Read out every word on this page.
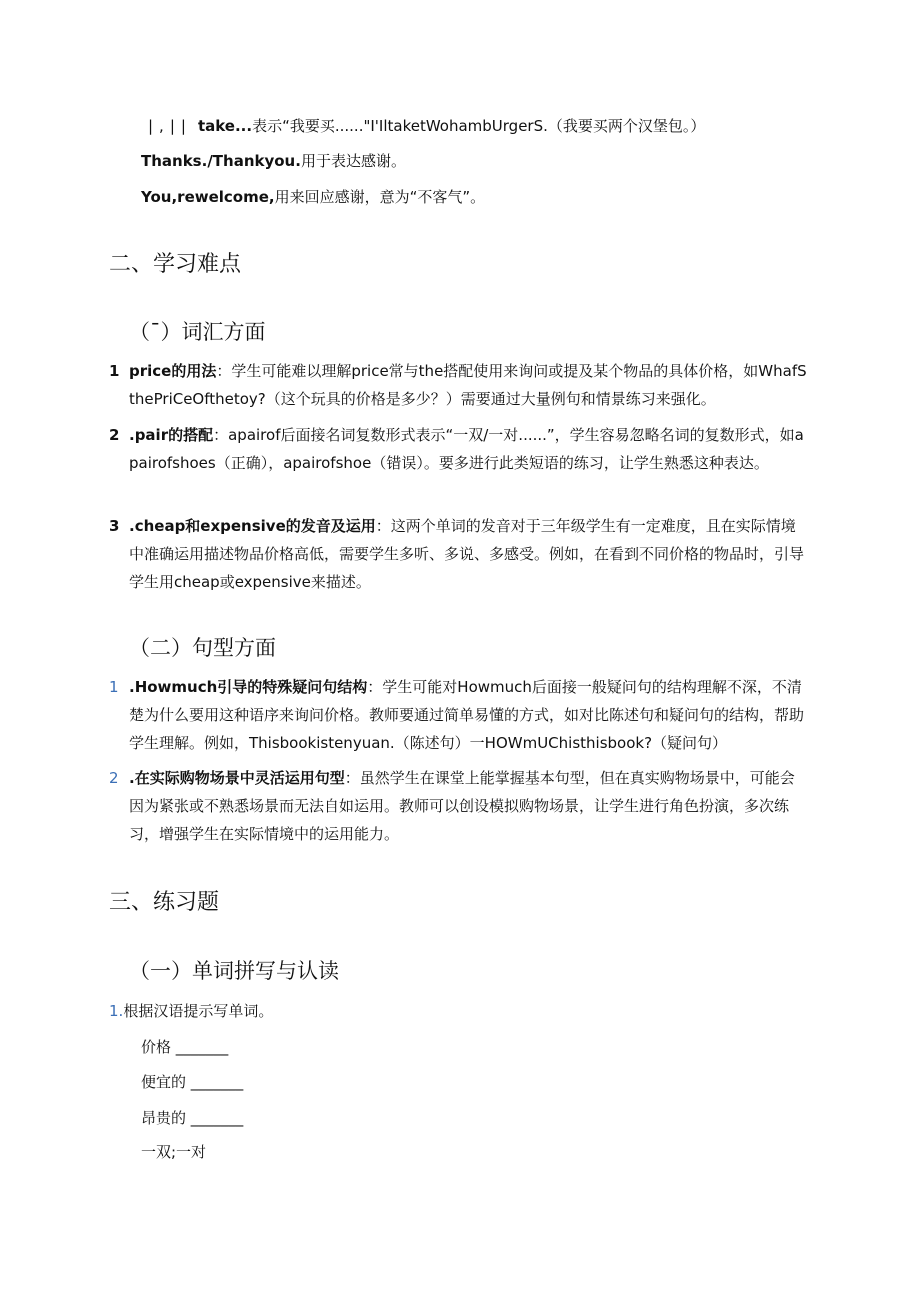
|,|| take...表示“我要买......"I'IltaketWohambUrgerS.（我要买两个汉堡包。）
Thanks./Thankyou.用于表达感谢。
You,rewelcome,用来回应感谢，意为“不客气”。
二、学习难点
（¯）词汇方面
1 price的用法：学生可能难以理解price常与the搭配使用来询问或提及某个物品的具体价格，如WhafSthePriCeOfthetoy?（这个玩具的价格是多少？）需要通过大量例句和情景练习来强化。
2 .pair的搭配：apairof后面接名词复数形式表示“一双/一对......”，学生容易忽略名词的复数形式，如apairofshoes（正确），apairofshoe（错误）。要多进行此类短语的练习，让学生熟悉这种表达。
3 .cheap和expensive的发音及运用：这两个单词的发音对于三年级学生有一定难度，且在实际情境中准确运用描述物品价格高低，需要学生多听、多说、多感受。例如，在看到不同价格的物品时，引导学生用cheap或expensive来描述。
（二）句型方面
1 .Howmuch引导的特殊疑问句结构：学生可能对Howmuch后面接一般疑问句的结构理解不深，不清楚为什么要用这种语序来询问价格。教师要通过简单易懂的方式，如对比陈述句和疑问句的结构，帮助学生理解。例如，Thisbookistenyuan.（陈述句）一HOWmUChisthisbook?（疑问句）
2 .在实际购物场景中灵活运用句型：虽然学生在课堂上能掌握基本句型，但在真实购物场景中，可能会因为紧张或不熟悉场景而无法自如运用。教师可以创设模拟购物场景，让学生进行角色扮演，多次练习，增强学生在实际情境中的运用能力。
三、练习题
（一）单词拼写与认读
1.根据汉语提示写单词。
价格 _______
便宜的 _______
昂贵的 _______
一双;一对
